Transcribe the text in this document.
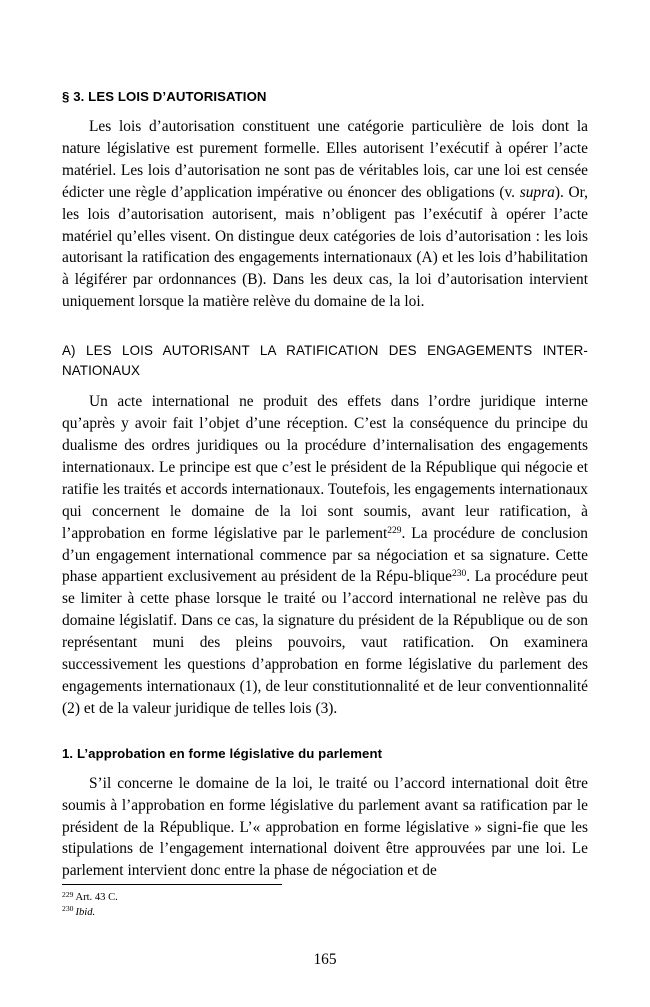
§ 3. LES LOIS D’AUTORISATION

Les lois d’autorisation constituent une catégorie particulière de lois dont la nature législative est purement formelle. Elles autorisent l’exécutif à opérer l’acte matériel. Les lois d’autorisation ne sont pas de véritables lois, car une loi est censée édicter une règle d’application impérative ou énoncer des obligations (v. supra). Or, les lois d’autorisation autorisent, mais n’obligent pas l’exécutif à opérer l’acte matériel qu’elles visent. On distingue deux catégories de lois d’autorisation : les lois autorisant la ratification des engagements internationaux (A) et les lois d’habilitation à légiférer par ordonnances (B). Dans les deux cas, la loi d’autorisation intervient uniquement lorsque la matière relève du domaine de la loi.

A) LES LOIS AUTORISANT LA RATIFICATION DES ENGAGEMENTS INTER-NATIONAUX

Un acte international ne produit des effets dans l’ordre juridique interne qu’après y avoir fait l’objet d’une réception. C’est la conséquence du principe du dualisme des ordres juridiques ou la procédure d’internalisation des engagements internationaux. Le principe est que c’est le président de la République qui négocie et ratifie les traités et accords internationaux. Toutefois, les engagements internationaux qui concernent le domaine de la loi sont soumis, avant leur ratification, à l’approbation en forme législative par le parlement$^{229}$. La procédure de conclusion d’un engagement international commence par sa négociation et sa signature. Cette phase appartient exclusivement au président de la Répu-blique$^{230}$. La procédure peut se limiter à cette phase lorsque le traité ou l’accord international ne relève pas du domaine législatif. Dans ce cas, la signature du président de la République ou de son représentant muni des pleins pouvoirs, vaut ratification. On examinera successivement les questions d’approbation en forme législative du parlement des engagements internationaux (1), de leur constitutionnalité et de leur conventionnalité (2) et de la valeur juridique de telles lois (3).

1. L’approbation en forme législative du parlement

S’il concerne le domaine de la loi, le traité ou l’accord international doit être soumis à l’approbation en forme législative du parlement avant sa ratification par le président de la République. L’« approbation en forme législative » signi-fie que les stipulations de l’engagement international doivent être approuvées par une loi. Le parlement intervient donc entre la phase de négociation et de

$^{229}$ Art. 43 C.

$^{230}$ Ibid.

165
